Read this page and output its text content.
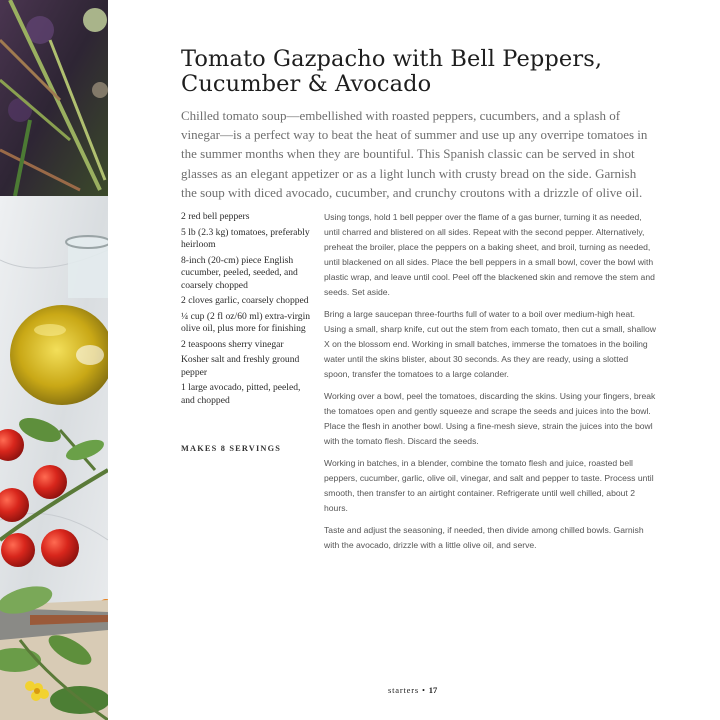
Tomato Gazpacho with Bell Peppers, Cucumber & Avocado

Chilled tomato soup—embellished with roasted peppers, cucumbers, and a splash of vinegar—is a perfect way to beat the heat of summer and use up any overripe tomatoes in the summer months when they are bountiful. This Spanish classic can be served in shot glasses as an elegant appetizer or as a light lunch with crusty bread on the side. Garnish the soup with diced avocado, cucumber, and crunchy croutons with a drizzle of olive oil.

2 red bell peppers
5 lb (2.3 kg) tomatoes, preferably heirloom
8-inch (20-cm) piece English cucumber, peeled, seeded, and coarsely chopped
2 cloves garlic, coarsely chopped
¼ cup (2 fl oz/60 ml) extra-virgin olive oil, plus more for finishing
2 teaspoons sherry vinegar
Kosher salt and freshly ground pepper
1 large avocado, pitted, peeled, and chopped
MAKES 8 SERVINGS

Using tongs, hold 1 bell pepper over the flame of a gas burner, turning it as needed, until charred and blistered on all sides. Repeat with the second pepper. Alternatively, preheat the broiler, place the peppers on a baking sheet, and broil, turning as needed, until blackened on all sides. Place the bell peppers in a small bowl, cover the bowl with plastic wrap, and leave until cool. Peel off the blackened skin and remove the stem and seeds. Set aside.

Bring a large saucepan three-fourths full of water to a boil over medium-high heat. Using a small, sharp knife, cut out the stem from each tomato, then cut a small, shallow X on the blossom end. Working in small batches, immerse the tomatoes in the boiling water until the skins blister, about 30 seconds. As they are ready, using a slotted spoon, transfer the tomatoes to a large colander.

Working over a bowl, peel the tomatoes, discarding the skins. Using your fingers, break the tomatoes open and gently squeeze and scrape the seeds and juices into the bowl. Place the flesh in another bowl. Using a fine-mesh sieve, strain the juices into the bowl with the tomato flesh. Discard the seeds.

Working in batches, in a blender, combine the tomato flesh and juice, roasted bell peppers, cucumber, garlic, olive oil, vinegar, and salt and pepper to taste. Process until smooth, then transfer to an airtight container. Refrigerate until well chilled, about 2 hours.

Taste and adjust the seasoning, if needed, then divide among chilled bowls. Garnish with the avocado, drizzle with a little olive oil, and serve.

starters • 17
